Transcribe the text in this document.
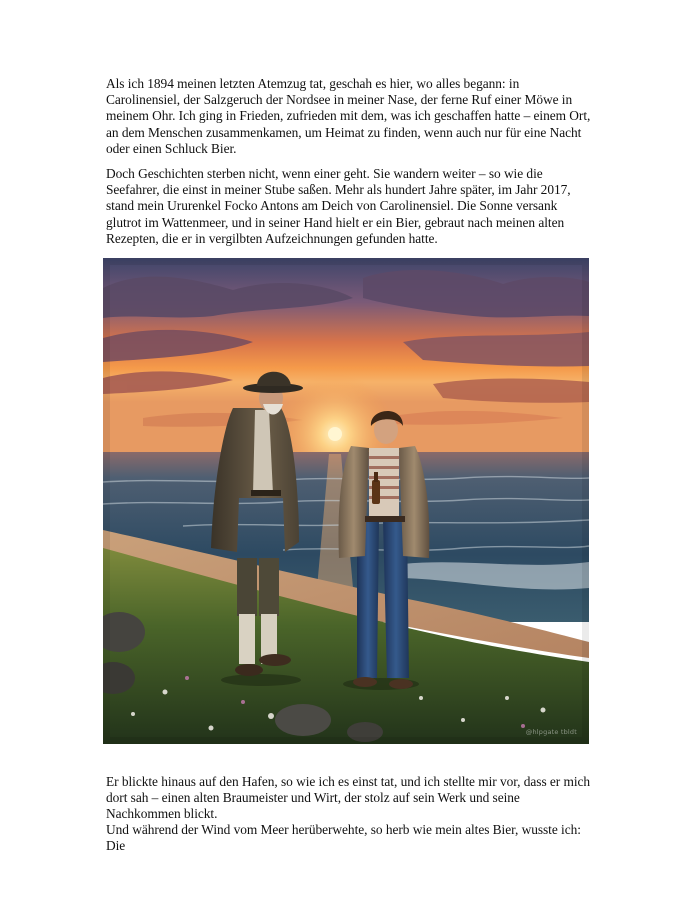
Als ich 1894 meinen letzten Atemzug tat, geschah es hier, wo alles begann: in Carolinensiel, der Salzgeruch der Nordsee in meiner Nase, der ferne Ruf einer Möwe in meinem Ohr. Ich ging in Frieden, zufrieden mit dem, was ich geschaffen hatte – einem Ort, an dem Menschen zusammenkamen, um Heimat zu finden, wenn auch nur für eine Nacht oder einen Schluck Bier.

Doch Geschichten sterben nicht, wenn einer geht. Sie wandern weiter – so wie die Seefahrer, die einst in meiner Stube saßen. Mehr als hundert Jahre später, im Jahr 2017, stand mein Ururenkel Focko Antons am Deich von Carolinensiel. Die Sonne versank glutrot im Wattenmeer, und in seiner Hand hielt er ein Bier, gebraut nach meinen alten Rezepten, die er in vergilbten Aufzeichnungen gefunden hatte.

@hlpgate tbldt

Er blickte hinaus auf den Hafen, so wie ich es einst tat, und ich stellte mir vor, dass er mich dort sah – einen alten Braumeister und Wirt, der stolz auf sein Werk und seine Nachkommen blickt.

Und während der Wind vom Meer herüberwehte, so herb wie mein altes Bier, wusste ich: Die
